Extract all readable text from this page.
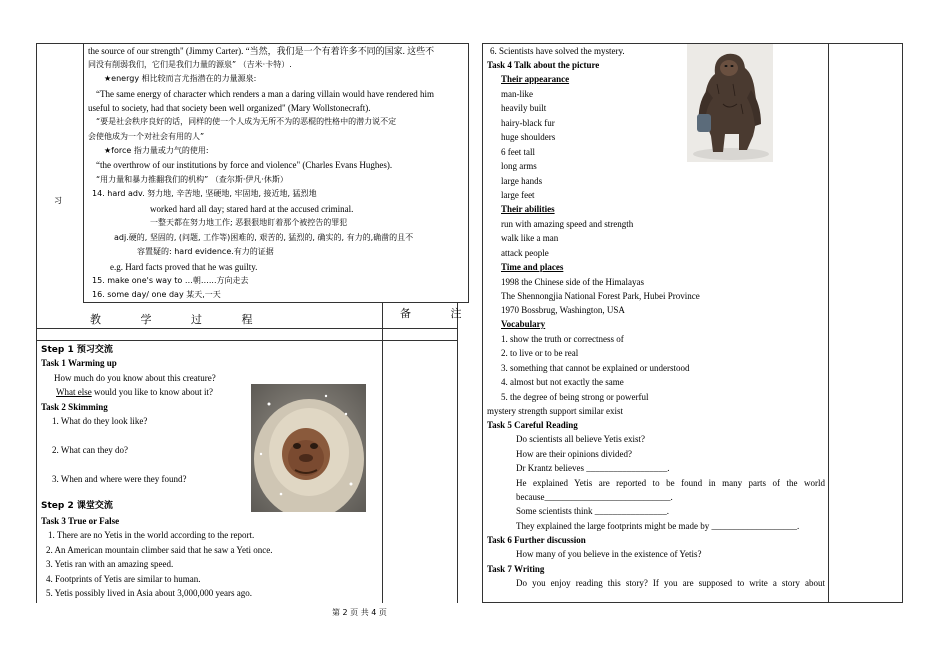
习
the source of our strength" (Jimmy Carter). “当然，我们是一个有着许多不同的国家. 这些不
同没有削弱我们，它们是我们力量的源泉” （吉米·卡特）.
★energy 相比较而言尤指潜在的力量源泉:
“The same energy of character which renders a man a daring villain would have rendered him
useful to society, had that society been well organized" (Mary Wollstonecraft).
“要是社会秩序良好的话，同样的使一个人成为无所不为的恶棍的性格中的潜力说不定
会使他成为一个对社会有用的人”
★force 指力量或力气的使用:
“the overthrow of our institutions by force and violence" (Charles Evans Hughes).
“用力量和暴力推翻我们的机构” （查尔斯·伊凡·休斯）
14. hard adv. 努力地, 辛苦地, 坚硬地, 牢固地, 接近地, 猛烈地
worked hard all day; stared hard at the accused criminal.
一整天都在努力地工作; 恶狠狠地盯着那个被控告的罪犯
adj.硬的, 坚固的, (问题, 工作等)困难的, 艰苦的, 猛烈的, 确实的, 有力的,确凿的且不
容置疑的: hard evidence.有力的证据
e.g. Hard facts proved that he was guilty.
15. make one's way to …朝…...方向走去
16. some day/ one day 某天,一天
教 学 过 程	备 注
Step 1 预习交流
Task 1 Warming up
How much do you know about this creature?
What else would you like to know about it?
Task 2 Skimming
1. What do they look like?
2. What can they do?
3. When and where were they found?
Step 2 课堂交流
Task 3 True or False
1. There are no Yetis in the world according to the report.
2. An American mountain climber said that he saw a Yeti once.
3. Yetis ran with an amazing speed.
4. Footprints of Yetis are similar to human.
5. Yetis possibly lived in Asia about 3,000,000 years ago.
6. Scientists have solved the mystery.
Task 4 Talk about the picture
Their appearance
man-like
heavily built
hairy-black fur
huge shoulders
6 feet tall
long arms
large hands
large feet
Their abilities
run with amazing speed and strength
walk like a man
attack people
Time and places
1998 the Chinese side of the Himalayas
The Shennongjia National Forest Park, Hubei Province
1970 Bossbrug, Washington, USA
Vocabulary
1. show the truth or correctness of
2. to live or to be real
3. something that cannot be explained or understood
4. almost but not exactly the same
5. the degree of being strong or powerful
mystery strength support similar exist
Task 5 Careful Reading
Do scientists all believe Yetis exist?
How are their opinions divided?
Dr Krantz believes __________________.
He explained Yetis are reported to be found in many parts of the world
because____________________________.
Some scientists think ________________.
They explained the large footprints might be made by ___________________.
Task 6 Further discussion
How many of you believe in the existence of Yetis?
Task 7 Writing
Do you enjoy reading this story? If you are supposed to write a story about
第 2 页 共 4 页
